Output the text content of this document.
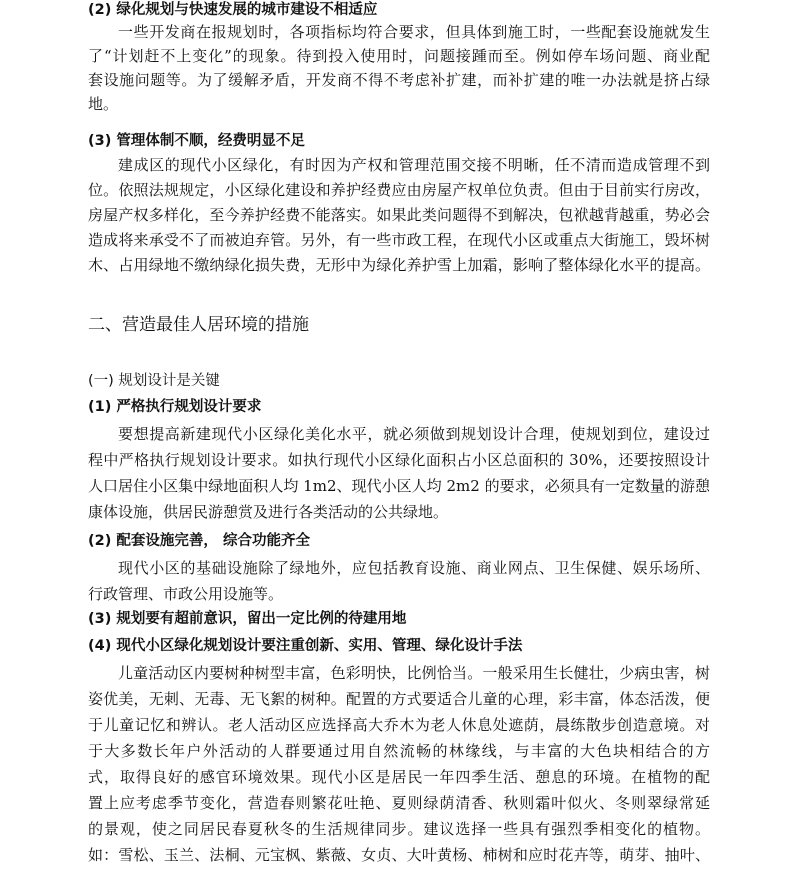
(2) 绿化规划与快速发展的城市建设不相适应
一些开发商在报规划时，各项指标均符合要求，但具体到施工时，一些配套设施就发生
了“计划赶不上变化”的现象。待到投入使用时，问题接踵而至。例如停车场问题、商业配
套设施问题等。为了缓解矛盾，开发商不得不考虑补扩建，而补扩建的唯一办法就是挤占绿
地。
(3) 管理体制不顺，经费明显不足
建成区的现代小区绿化，有时因为产权和管理范围交接不明晰，任不清而造成管理不到
位。依照法规规定，小区绿化建设和养护经费应由房屋产权单位负责。但由于目前实行房改，
房屋产权多样化，至今养护经费不能落实。如果此类问题得不到解决，包袱越背越重，势必会
造成将来承受不了而被迫弃管。另外，有一些市政工程，在现代小区或重点大街施工，毁坏树
木、占用绿地不缴纳绿化损失费，无形中为绿化养护雪上加霜，影响了整体绿化水平的提高。
二、营造最佳人居环境的措施
(一) 规划设计是关键
(1) 严格执行规划设计要求
要想提高新建现代小区绿化美化水平，就必须做到规划设计合理，使规划到位，建设过
程中严格执行规划设计要求。如执行现代小区绿化面积占小区总面积的 30%，还要按照设计
人口居住小区集中绿地面积人均 1m2、现代小区人均 2m2 的要求，必须具有一定数量的游憩
康体设施，供居民游憩赏及进行各类活动的公共绿地。
(2) 配套设施完善， 综合功能齐全
现代小区的基础设施除了绿地外，应包括教育设施、商业网点、卫生保健、娱乐场所、
行政管理、市政公用设施等。
(3) 规划要有超前意识，留出一定比例的待建用地
(4) 现代小区绿化规划设计要注重创新、实用、管理、绿化设计手法
儿童活动区内要树种树型丰富，色彩明快，比例恰当。一般采用生长健壮，少病虫害，树
姿优美，无刺、无毒、无飞絮的树种。配置的方式要适合儿童的心理，彩丰富，体态活泼，便
于儿童记忆和辨认。老人活动区应选择高大乔木为老人休息处遮荫，晨练散步创造意境。对
于大多数长年户外活动的人群要通过用自然流畅的林缘线，与丰富的大色块相结合的方
式，取得良好的感官环境效果。现代小区是居民一年四季生活、憩息的环境。在植物的配
置上应考虑季节变化，营造春则繁花吐艳、夏则绿荫清香、秋则霜叶似火、冬则翠绿常延
的景观，使之同居民春夏秋冬的生活规律同步。建议选择一些具有强烈季相变化的植物。
如：雪松、玉兰、法桐、元宝枫、紫薇、女贞、大叶黄杨、柿树和应时花卉等，萌芽、抽叶、
